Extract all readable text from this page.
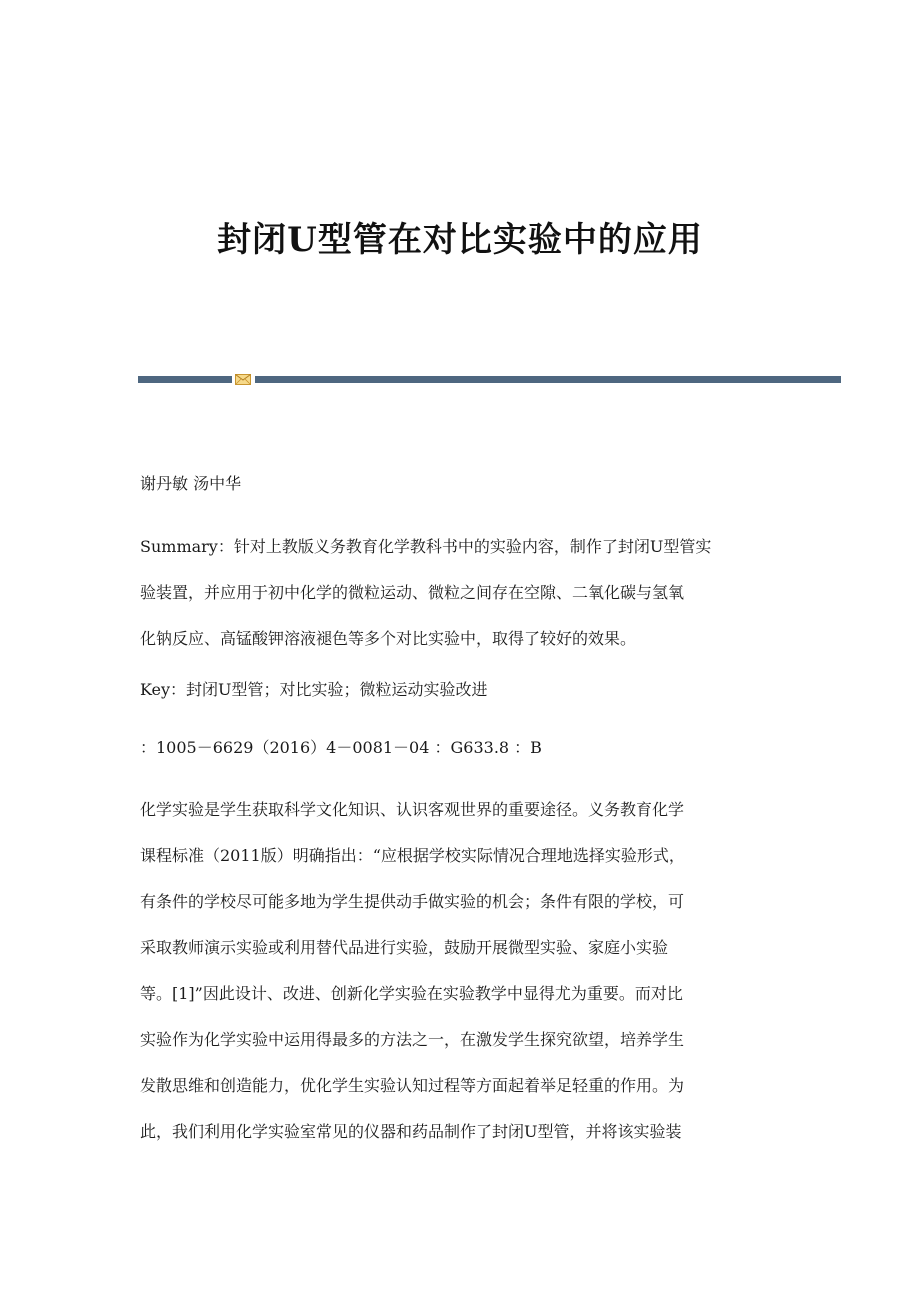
封闭U型管在对比实验中的应用
谢丹敏 汤中华
Summary：针对上教版义务教育化学教科书中的实验内容，制作了封闭U型管实
验装置，并应用于初中化学的微粒运动、微粒之间存在空隙、二氧化碳与氢氧
化钠反应、高锰酸钾溶液褪色等多个对比实验中，取得了较好的效果。
Key：封闭U型管；对比实验；微粒运动实验改进
：1005－6629（2016）4－0081－04 ：G633.8 ：B
化学实验是学生获取科学文化知识、认识客观世界的重要途径。义务教育化学
课程标准（2011版）明确指出：“应根据学校实际情况合理地选择实验形式，
有条件的学校尽可能多地为学生提供动手做实验的机会；条件有限的学校，可
采取教师演示实验或利用替代品进行实验，鼓励开展微型实验、家庭小实验
等。[1]”因此设计、改进、创新化学实验在实验教学中显得尤为重要。而对比
实验作为化学实验中运用得最多的方法之一，在激发学生探究欲望，培养学生
发散思维和创造能力，优化学生实验认知过程等方面起着举足轻重的作用。为
此，我们利用化学实验室常见的仪器和药品制作了封闭U型管，并将该实验装
